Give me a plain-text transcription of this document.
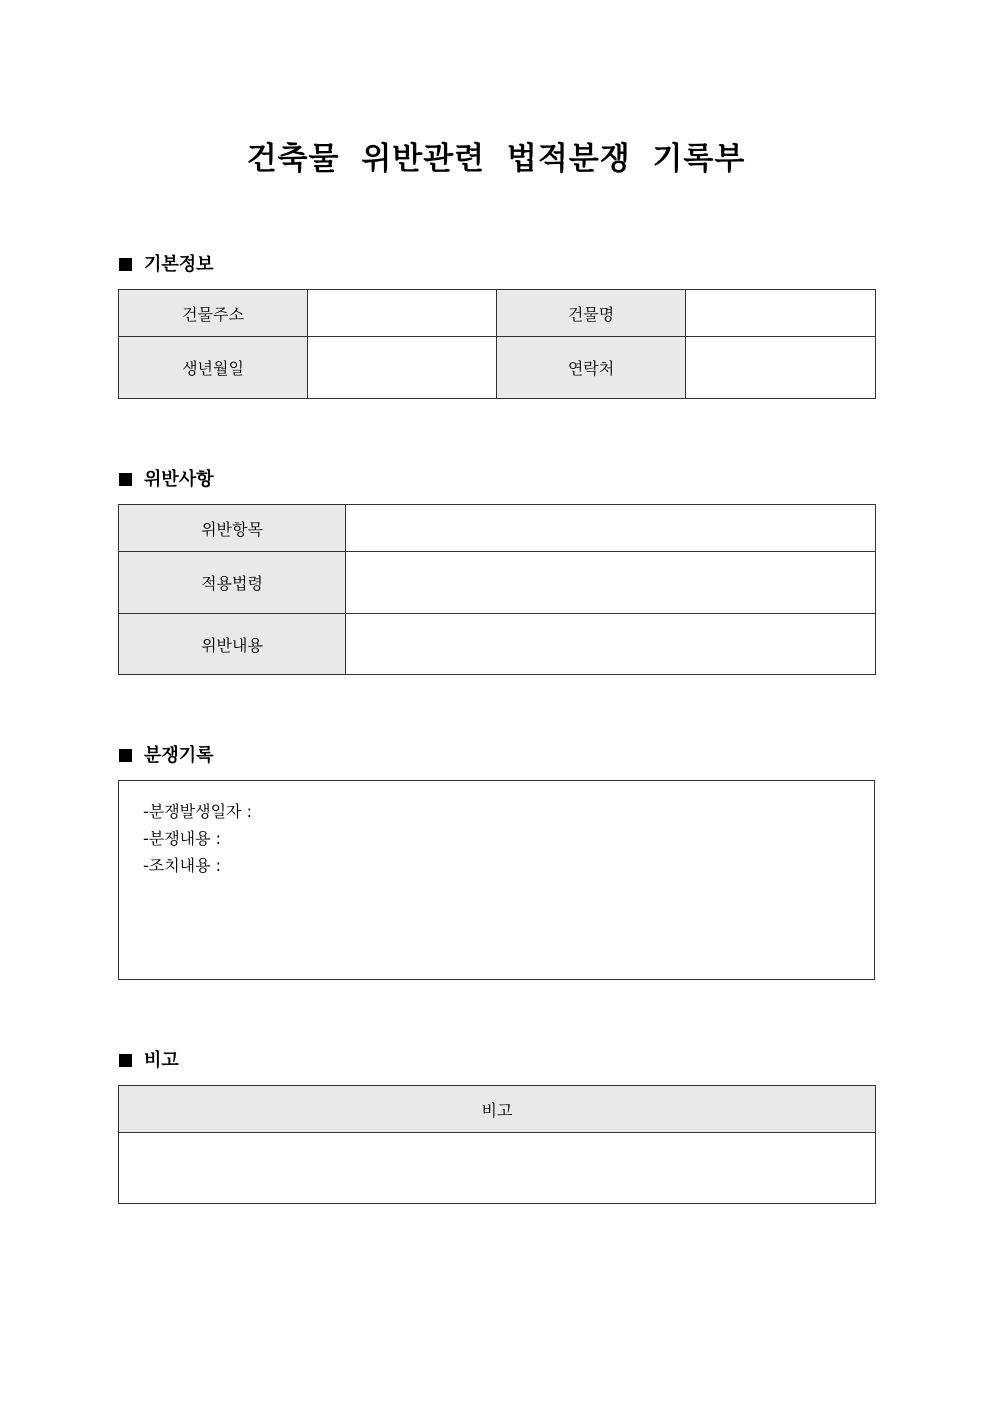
건축물 위반관련 법적분쟁 기록부
기본정보
건물주소		건물명	
생년월일		연락처	
위반사항
위반항목	
적용법령	
위반내용	
분쟁기록
-분쟁발생일자 :
-분쟁내용 :
-조치내용 :
비고
비고
